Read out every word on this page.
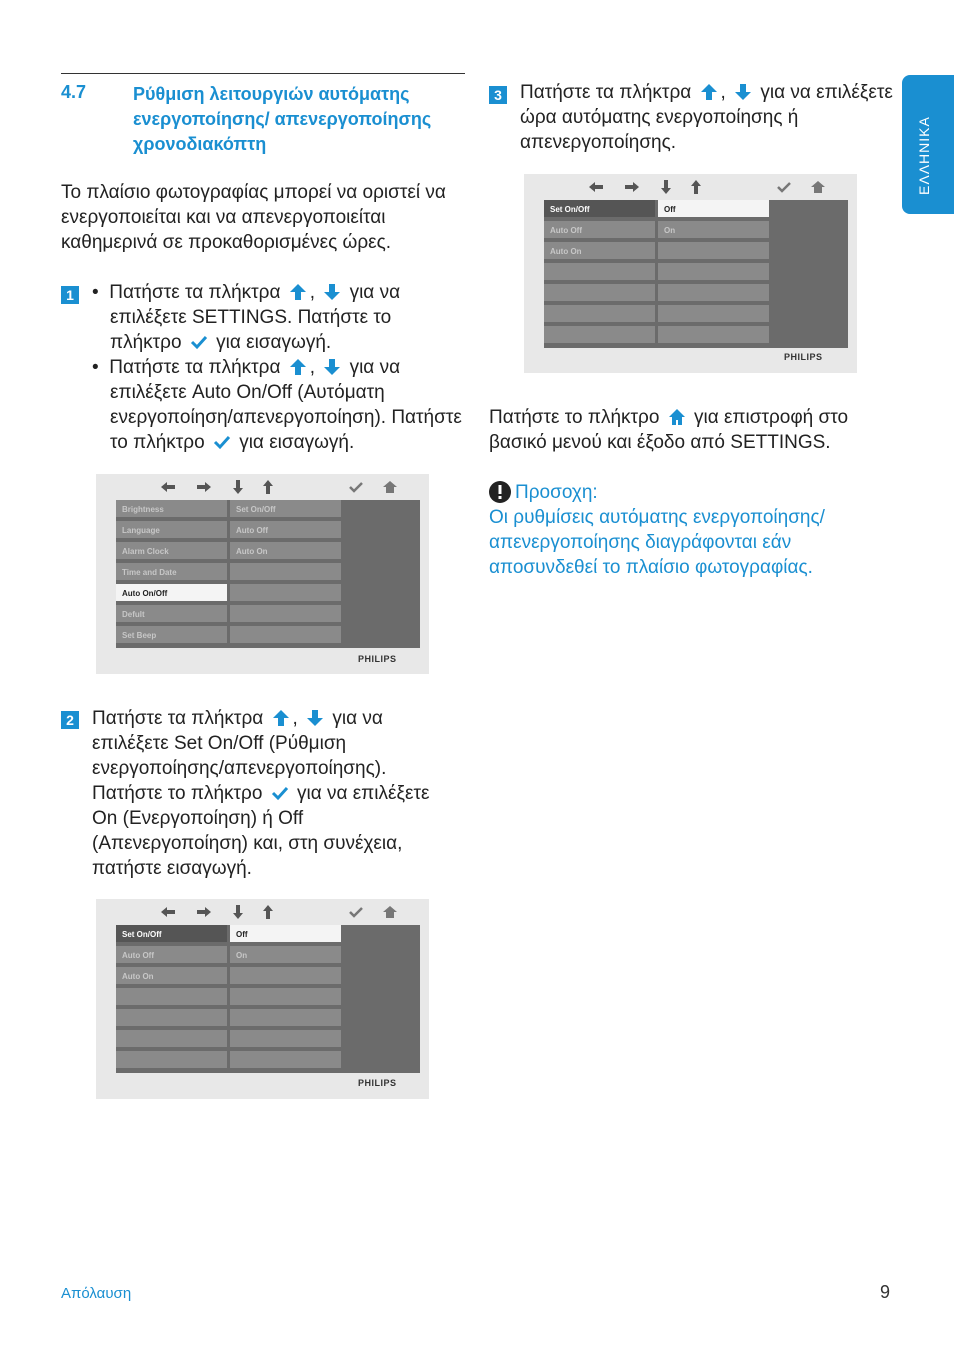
4.7	Ρύθμιση λειτουργιών αυτόματης ενεργοποίησης/ απενεργοποίησης χρονοδιακόπτη
Το πλαίσιο φωτογραφίας μπορεί να οριστεί να ενεργοποιείται και να απενεργοποιείται καθημερινά σε προκαθορισμένες ώρες.
1 •  Πατήστε τα πλήκτρα ,  για να επιλέξετε SETTINGS. Πατήστε το πλήκτρο για εισαγωγή.
•  Πατήστε τα πλήκτρα ,  για να επιλέξετε Auto On/Off (Αυτόματη ενεργοποίηση/απενεργοποίηση). Πατήστε το πλήκτρο για εισαγωγή.
Brightness
Language
Alarm Clock
Time and Date
Auto On/Off
Defult
Set Beep
Set On/Off
Auto Off
Auto On
PHILIPS
2 Πατήστε τα πλήκτρα ,  για να επιλέξετε Set On/Off (Ρύθμιση ενεργοποίησης/απενεργοποίησης). Πατήστε το πλήκτρο για να επιλέξετε On (Ενεργοποίηση) ή Off (Απενεργοποίηση) και, στη συνέχεια, πατήστε εισαγωγή.
Set On/Off
Auto Off
Auto On
Off
On
PHILIPS
3 Πατήστε τα πλήκτρα ,  για να επιλέξετε ώρα αυτόματης ενεργοποίησης ή απενεργοποίησης.
Set On/Off
Auto Off
Auto On
Off
On
PHILIPS
Πατήστε το πλήκτρο για επιστροφή στο βασικό μενού και έξοδο από SETTINGS.
Προσοχη:
Οι ρυθμίσεις αυτόματης ενεργοποίησης/ απενεργοποίησης διαγράφονται εάν αποσυνδεθεί το πλαίσιο φωτογραφίας.
ΕΛΛΗΝΙΚΑ
Απόλαυση	9
